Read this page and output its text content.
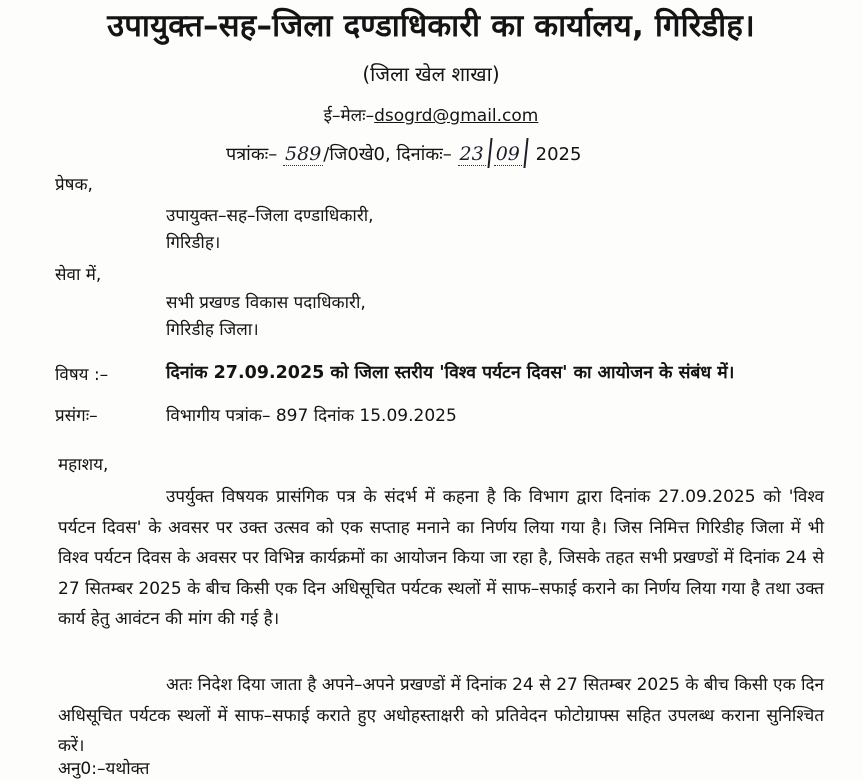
उपायुक्त–सह–जिला दण्डाधिकारी का कार्यालय, गिरिडीह।
(जिला खेल शाखा)
ई–मेलः–dsogrd@gmail.com
पत्रांकः– 589 /जि0खे0, दिनांकः– 23 09 2025
प्रेषक,
उपायुक्त–सह–जिला दण्डाधिकारी,
गिरिडीह।
सेवा में,
सभी प्रखण्ड विकास पदाधिकारी,
गिरिडीह जिला।
विषय :–	दिनांक 27.09.2025 को जिला स्तरीय 'विश्व पर्यटन दिवस' का आयोजन के संबंध में।
प्रसंगः–	विभागीय पत्रांक– 897 दिनांक 15.09.2025
महाशय,
उपर्युक्त विषयक प्रासंगिक पत्र के संदर्भ में कहना है कि विभाग द्वारा दिनांक 27.09.2025 को 'विश्व पर्यटन दिवस' के अवसर पर उक्त उत्सव को एक सप्ताह मनाने का निर्णय लिया गया है। जिस निमित्त गिरिडीह जिला में भी विश्व पर्यटन दिवस के अवसर पर विभिन्न कार्यक्रमों का आयोजन किया जा रहा है, जिसके तहत सभी प्रखण्डों में दिनांक 24 से 27 सितम्बर 2025 के बीच किसी एक दिन अधिसूचित पर्यटक स्थलों में साफ–सफाई कराने का निर्णय लिया गया है तथा उक्त कार्य हेतु आवंटन की मांग की गई है।
अतः निदेश दिया जाता है अपने–अपने प्रखण्डों में दिनांक 24 से 27 सितम्बर 2025 के बीच किसी एक दिन अधिसूचित पर्यटक स्थलों में साफ–सफाई कराते हुए अधोहस्ताक्षरी को प्रतिवेदन फोटोग्राफ्स सहित उपलब्ध कराना सुनिश्चित करें।
अनु0:–यथोक्त
